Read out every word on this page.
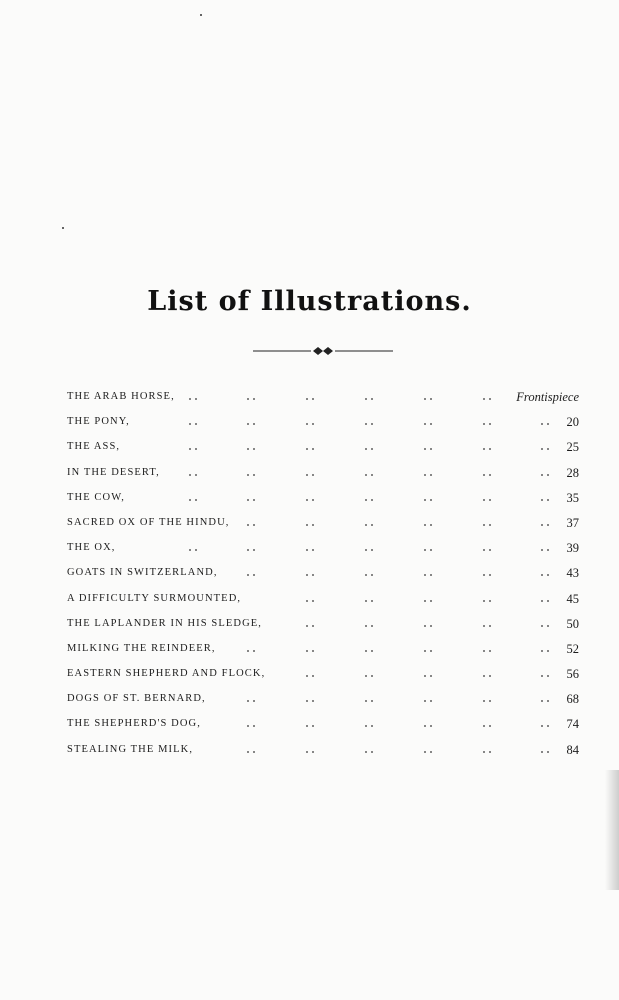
List of Illustrations.
THE ARAB HORSE,	Frontispiece
THE PONY,	20
THE ASS,	25
IN THE DESERT,	28
THE COW,	35
SACRED OX OF THE HINDU,	37
THE OX,	39
GOATS IN SWITZERLAND,	43
A DIFFICULTY SURMOUNTED,	45
THE LAPLANDER IN HIS SLEDGE,	50
MILKING THE REINDEER,	52
EASTERN SHEPHERD AND FLOCK,	56
DOGS OF ST. BERNARD,	68
THE SHEPHERD'S DOG,	74
STEALING THE MILK,	84
